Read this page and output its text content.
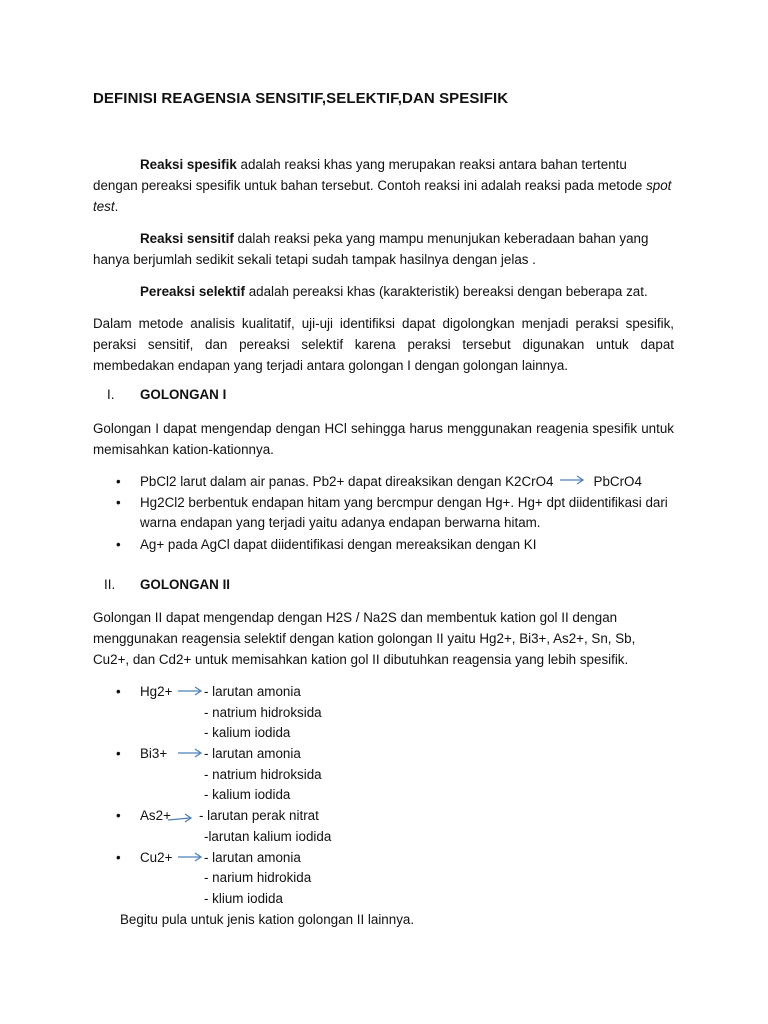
DEFINISI REAGENSIA SENSITIF,SELEKTIF,DAN SPESIFIK
Reaksi spesifik adalah reaksi khas yang merupakan reaksi antara bahan tertentu dengan pereaksi spesifik untuk bahan tersebut. Contoh reaksi ini adalah reaksi pada metode spot test.
Reaksi sensitif dalah reaksi peka yang mampu menunjukan keberadaan bahan yang hanya berjumlah sedikit sekali tetapi sudah tampak hasilnya dengan jelas .
Pereaksi selektif adalah pereaksi khas (karakteristik) bereaksi dengan beberapa zat.
Dalam metode analisis kualitatif, uji-uji identifiksi dapat digolongkan menjadi peraksi spesifik, peraksi sensitif, dan pereaksi selektif karena peraksi tersebut digunakan untuk dapat membedakan endapan yang terjadi antara golongan I dengan golongan lainnya.
I. GOLONGAN I
Golongan I dapat mengendap dengan HCl sehingga harus menggunakan reagenia spesifik untuk memisahkan kation-kationnya.
• PbCl2 larut dalam air panas. Pb2+ dapat direaksikan dengan K2CrO4→PbCrO4
• Hg2Cl2 berbentuk endapan hitam yang bercmpur dengan Hg+. Hg+ dpt diidentifikasi dari warna endapan yang terjadi yaitu adanya endapan berwarna hitam.
• Ag+ pada AgCl dapat diidentifikasi dengan mereaksikan dengan KI
II. GOLONGAN II
Golongan II dapat mengendap dengan H2S / Na2S dan membentuk kation gol II dengan menggunakan reagensia selektif dengan kation golongan II yaitu Hg2+, Bi3+, As2+, Sn, Sb, Cu2+, dan Cd2+ untuk memisahkan kation gol II dibutuhkan reagensia yang lebih spesifik.
• Hg2+ → - larutan amonia
- natrium hidroksida
- kalium iodida
• Bi3+ → - larutan amonia
- natrium hidroksida
- kalium iodida
• As2+ - larutan perak nitrat
-larutan kalium iodida
• Cu2+ → - larutan amonia
- narium hidrokida
- klium iodida
Begitu pula untuk jenis kation golongan II lainnya.
